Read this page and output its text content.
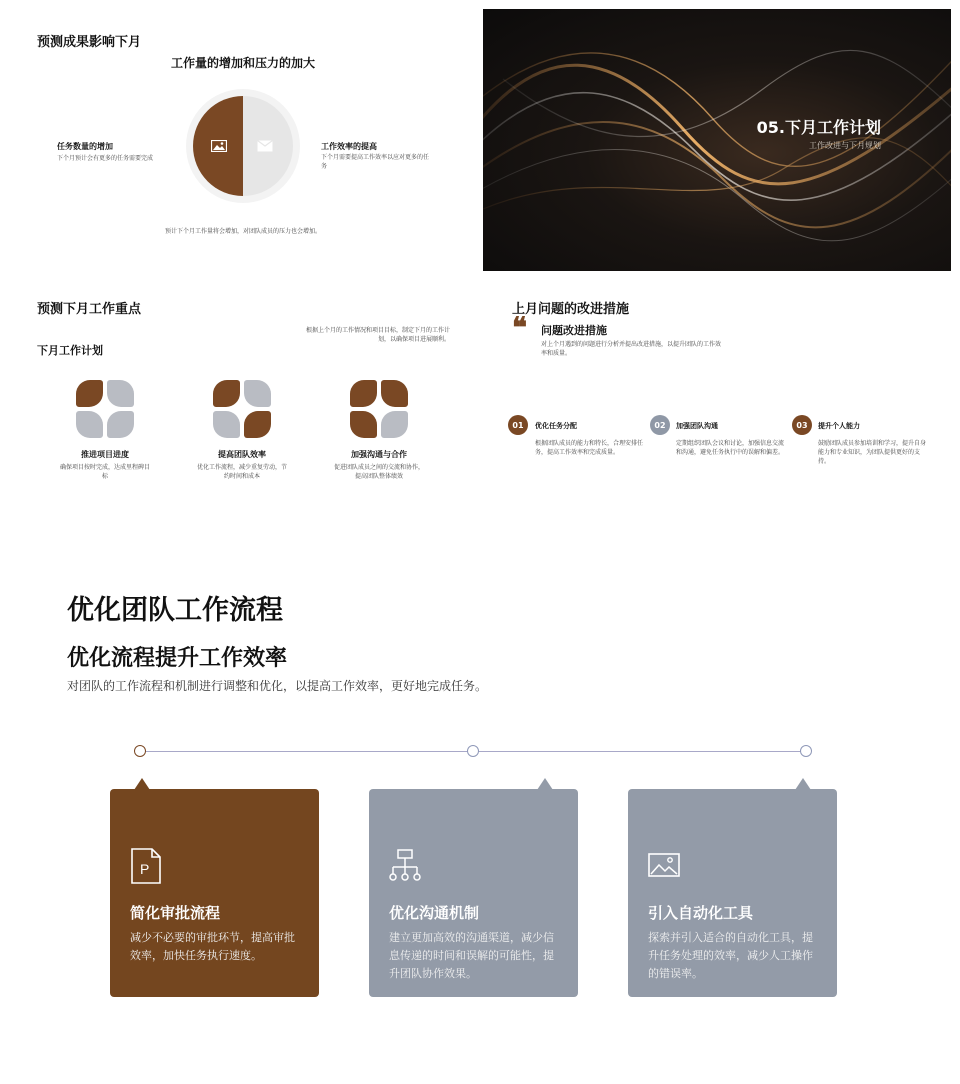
预测成果影响下月
工作量的增加和压力的加大
任务数量的增加
下个月预计会有更多的任务需要完成
工作效率的提高
下个月需要提高工作效率以应对更多的任务
预计下个月工作量将会增加，对团队成员的压力也会增加。
05.下月工作计划
工作改进与下月规划
预测下月工作重点
根据上个月的工作情况和项目目标，制定下月的工作计划，以确保项目进展顺利。
下月工作计划
推进项目进度
确保项目按时完成，达成里程碑目标
提高团队效率
优化工作流程，减少重复劳动，节约时间和成本
加强沟通与合作
促进团队成员之间的交流和协作，提高团队整体绩效
上月问题的改进措施
❝ 问题改进措施
对上个月遇到的问题进行分析并提出改进措施，以提升团队的工作效率和质量。
01	优化任务分配
根据团队成员的能力和特长，合理安排任务，提高工作效率和完成质量。
02	加强团队沟通
定期组织团队会议和讨论，加强信息交流和沟通，避免任务执行中的误解和偏差。
03	提升个人能力
鼓励团队成员参加培训和学习，提升自身能力和专业知识，为团队提供更好的支持。
优化团队工作流程
优化流程提升工作效率
对团队的工作流程和机制进行调整和优化，以提高工作效率，更好地完成任务。
P
简化审批流程
减少不必要的审批环节，提高审批效率，加快任务执行速度。
优化沟通机制
建立更加高效的沟通渠道，减少信息传递的时间和误解的可能性，提升团队协作效果。
引入自动化工具
探索并引入适合的自动化工具，提升任务处理的效率，减少人工操作的错误率。
